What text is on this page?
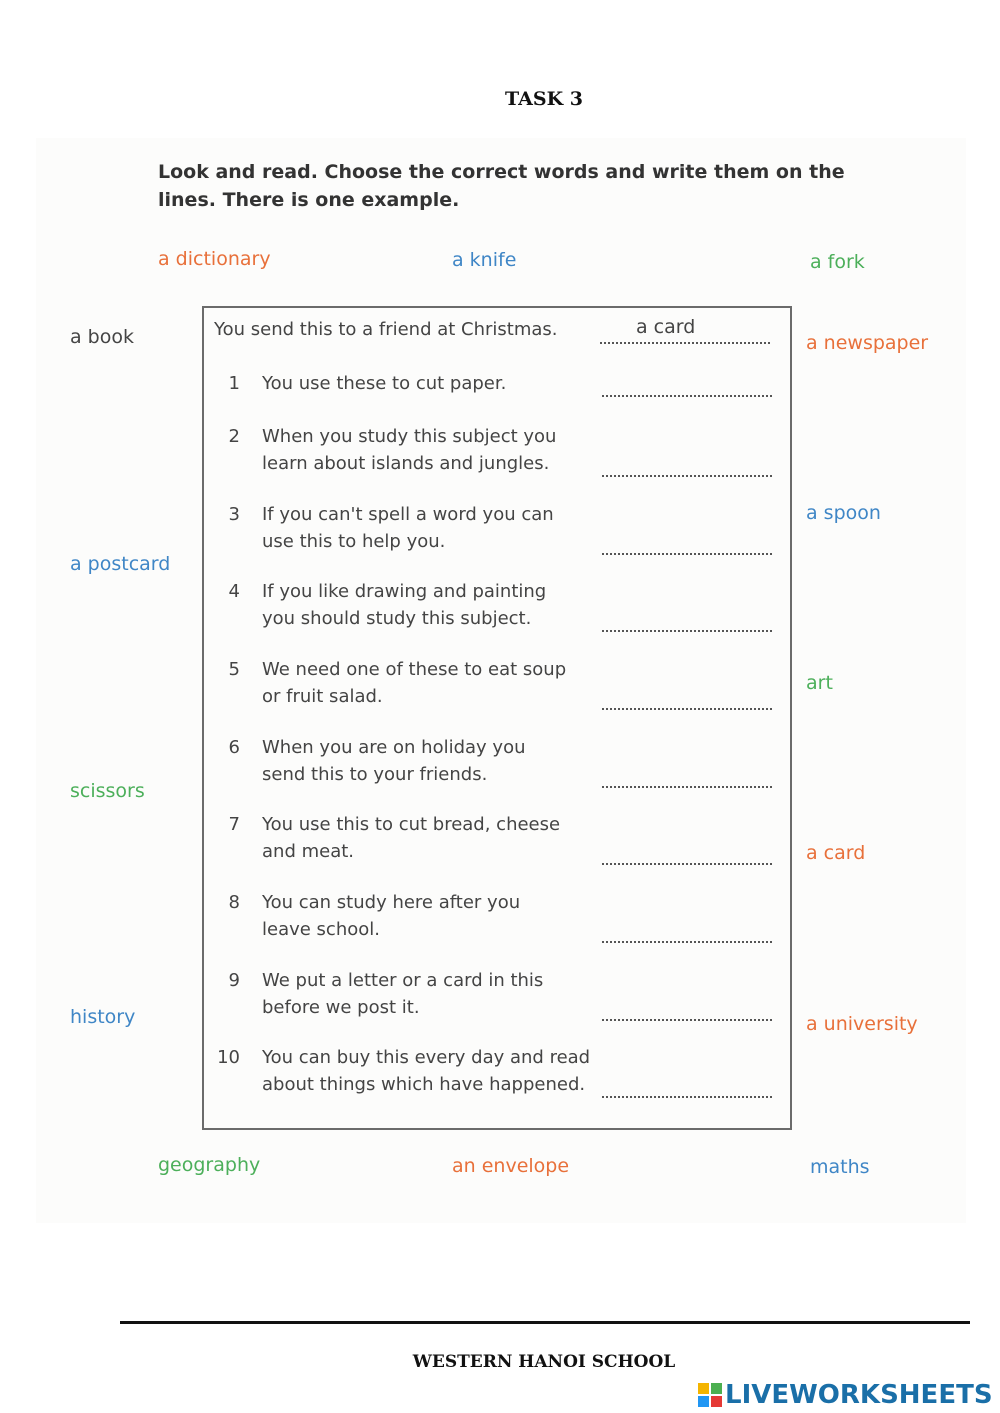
TASK 3
Look and read. Choose the correct words and write them on the lines. There is one example.
a dictionary	a knife	a fork
a book	a newspaper
a spoon
a postcard
art
scissors
a card
history	a university
geography	an envelope	maths
You send this to a friend at Christmas.	a card
1 You use these to cut paper.
2 When you study this subject you
learn about islands and jungles.
3 If you can't spell a word you can
use this to help you.
4 If you like drawing and painting
you should study this subject.
5 We need one of these to eat soup
or fruit salad.
6 When you are on holiday you
send this to your friends.
7 You use this to cut bread, cheese
and meat.
8 You can study here after you
leave school.
9 We put a letter or a card in this
before we post it.
10 You can buy this every day and read
about things which have happened.
WESTERN HANOI SCHOOL
LIVEWORKSHEETS
